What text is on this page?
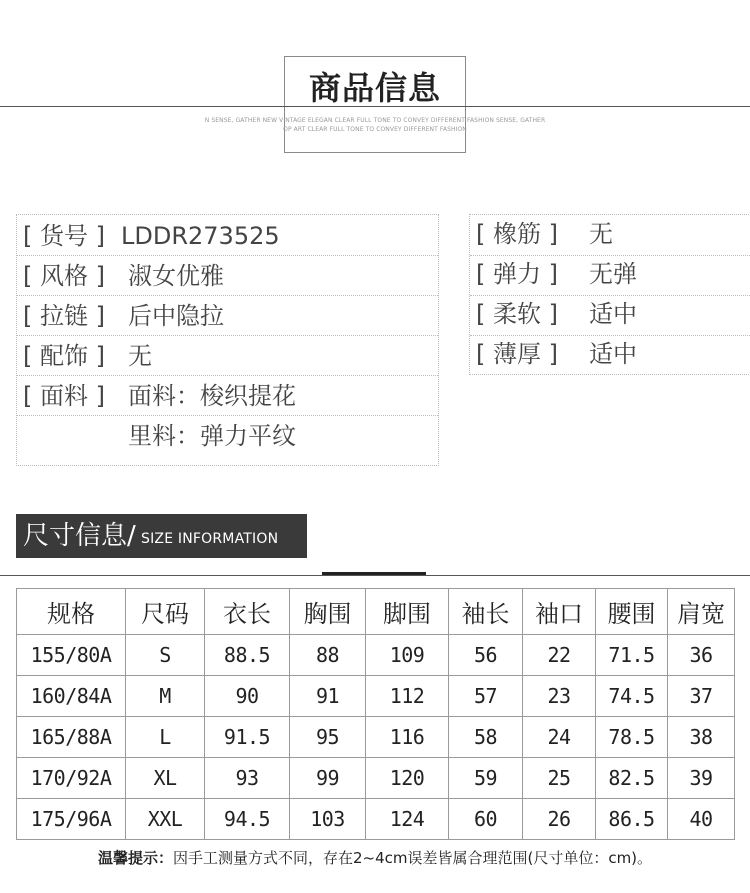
商品信息
N SENSE, GATHER NEW VINTAGE ELEGAN CLEAR FULL TONE TO CONVEY DIFFERENT FASHION SENSE, GATHER
OP ART CLEAR FULL TONE TO CONVEY DIFFERENT FASHION
[ 货号 ] LDDR273525
[ 风格 ] 淑女优雅
[ 拉链 ] 后中隐拉
[ 配饰 ] 无
[ 面料 ] 面料：梭织提花
里料：弹力平纹
[ 橡筋 ] 无
[ 弹力 ] 无弹
[ 柔软 ] 适中
[ 薄厚 ] 适中
尺寸信息/ SIZE INFORMATION
规格	尺码	衣长	胸围	脚围	袖长	袖口	腰围	肩宽
155/80A	S	88.5	88	109	56	22	71.5	36
160/84A	M	90	91	112	57	23	74.5	37
165/88A	L	91.5	95	116	58	24	78.5	38
170/92A	XL	93	99	120	59	25	82.5	39
175/96A	XXL	94.5	103	124	60	26	86.5	40
温馨提示：因手工测量方式不同，存在2~4cm误差皆属合理范围(尺寸单位：cm)。
